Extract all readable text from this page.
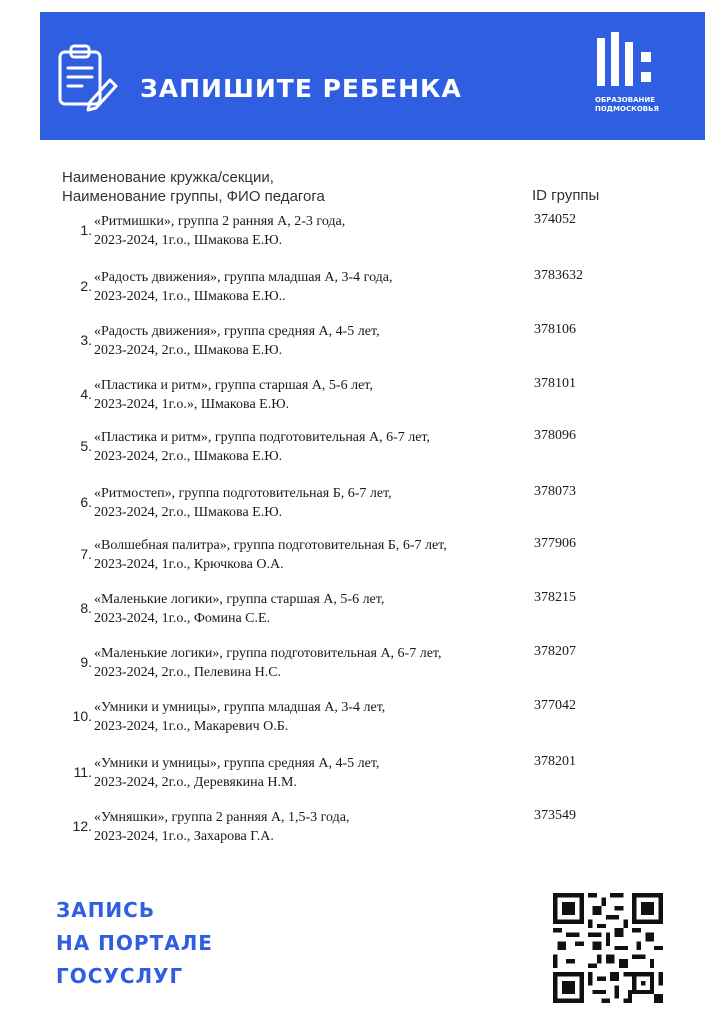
ЗАПИШИТЕ РЕБЕНКА

НА КРУЖОК ИЛИ СЕКЦИЮ

ОБРАЗОВАНИЕ
ПОДМОСКОВЬЯ
Наименование кружка/секции,
Наименование группы, ФИО педагога	ID группы
1.
«Ритмишки», группа 2 ранняя А, 2-3 года,
2023-2024, 1г.о., Шмакова Е.Ю.
374052
2.
«Радость движения», группа младшая А, 3-4 года,
2023-2024, 1г.о., Шмакова Е.Ю..
3783632
3.
«Радость движения», группа средняя А, 4-5 лет,
2023-2024, 2г.о., Шмакова Е.Ю.
378106
4.
«Пластика и ритм», группа старшая А, 5-6 лет,
2023-2024, 1г.о.», Шмакова Е.Ю.
378101
5.
«Пластика и ритм», группа подготовительная А, 6-7 лет,
2023-2024, 2г.о., Шмакова Е.Ю.
378096
6.
«Ритмостеп», группа подготовительная Б, 6-7 лет,
2023-2024, 2г.о., Шмакова Е.Ю.
378073
7.
«Волшебная палитра», группа подготовительная Б, 6-7 лет,
2023-2024, 1г.о., Крючкова О.А.
377906
8.
«Маленькие логики», группа старшая А, 5-6 лет,
2023-2024, 1г.о., Фомина С.Е.
378215
9.
«Маленькие логики», группа подготовительная А, 6-7 лет,
2023-2024, 2г.о., Пелевина Н.С.
378207
10.
«Умники и умницы», группа младшая А, 3-4 лет,
2023-2024, 1г.о., Макаревич О.Б.
377042
11.
«Умники и умницы», группа средняя А, 4-5 лет,
2023-2024, 2г.о., Деревякина Н.М.
378201
12.
«Умняшки», группа 2 ранняя А, 1,5-3 года,
2023-2024, 1г.о., Захарова Г.А.
373549
ЗАПИСЬ
НА ПОРТАЛЕ
ГОСУСЛУГ
